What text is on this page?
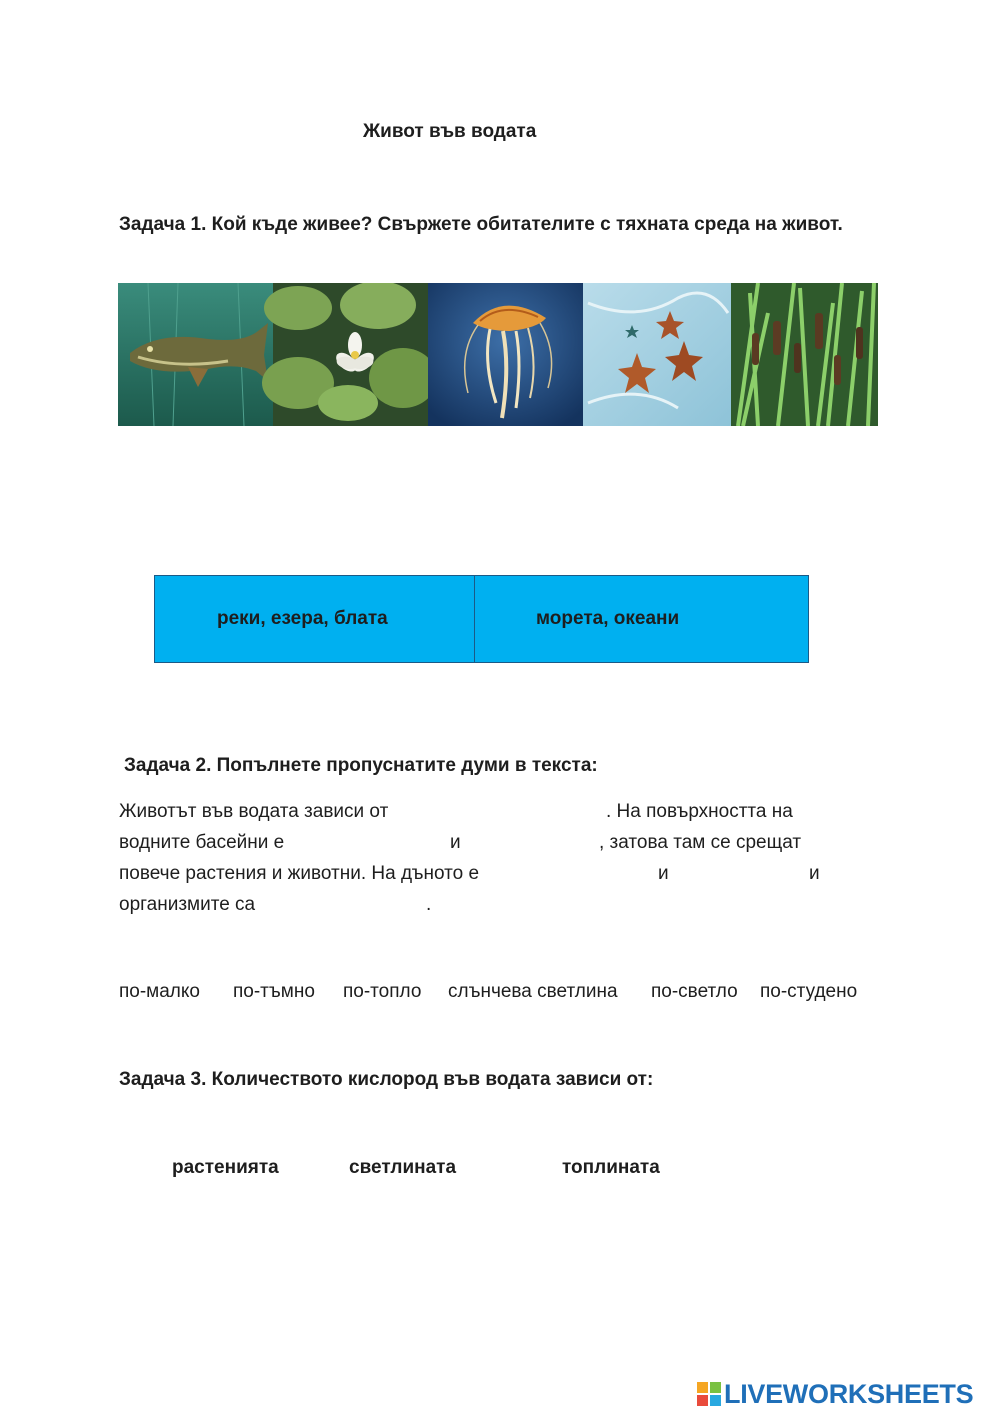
Живот във водата
Задача 1. Кой къде живее? Свържете обитателите с тяхната среда на живот.
реки, езера, блата	морета, океани
Задача 2. Попълнете пропуснатите думи в текста:
Животът във водата зависи от	. На повърхността на
водните басейни е	и	, затова там се срещат
повече растения и животни. На дъното е	и	и
организмите са	.
по-малко по-тъмно по-топло слънчева светлина по-светло по-студено
Задача 3. Количеството кислород във водата зависи от:
растенията	светлината	топлината
LIVEWORKSHEETS
